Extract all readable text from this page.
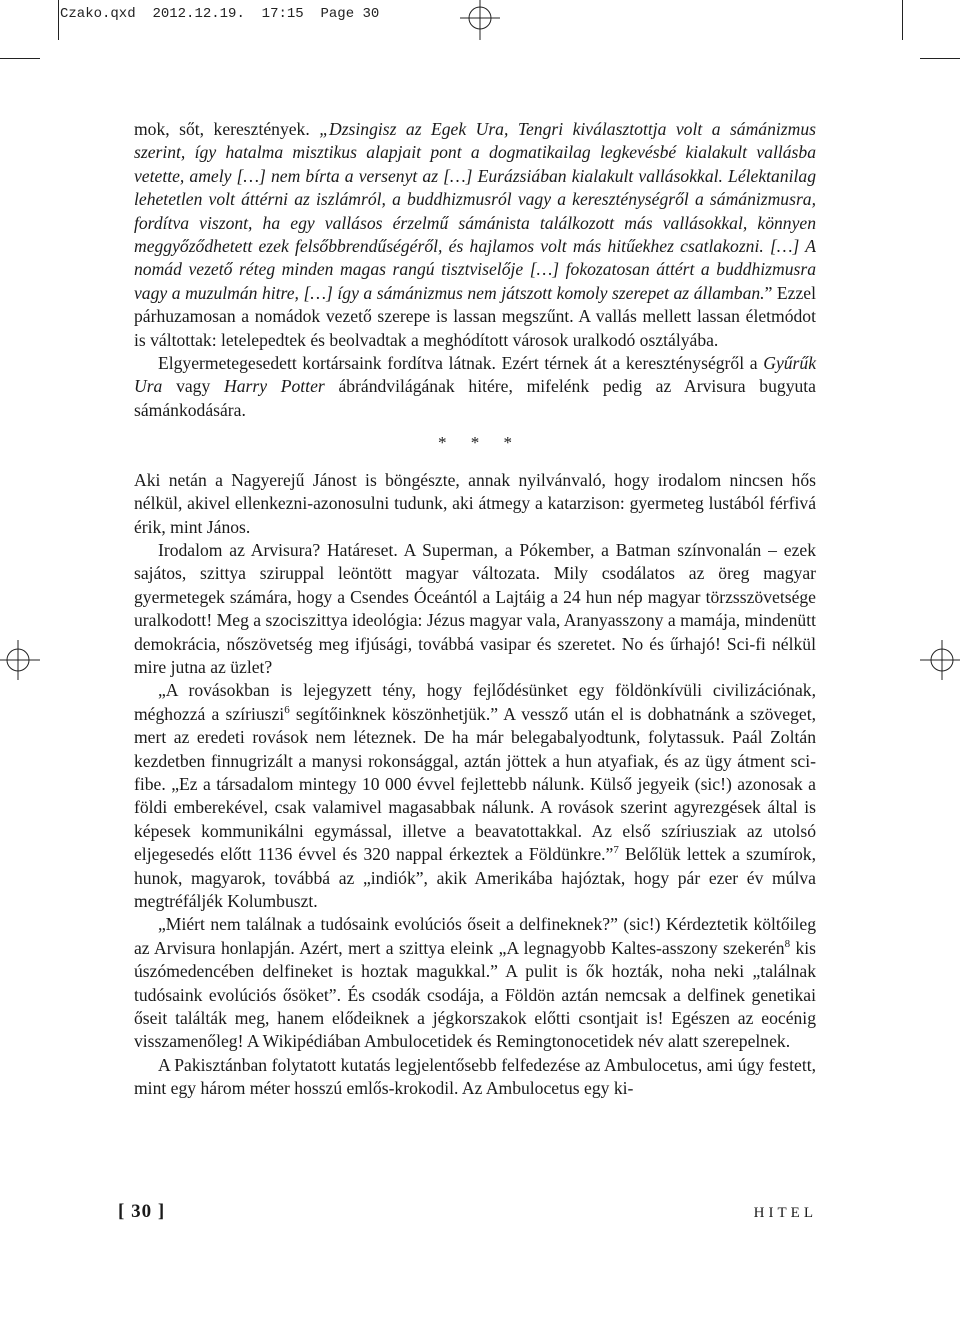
Czako.qxd 2012.12.19. 17:15 Page 30

mok, sőt, keresztények. „Dzsingisz az Egek Ura, Tengri kiválasztottja volt a sámánizmus szerint, így hatalma misztikus alapjait pont a dogmatikailag legkevésbé kialakult vallásba vetette, amely […] nem bírta a versenyt az […] Eurázsiában kialakult vallásokkal. Lélektanilag lehetetlen volt áttérni az iszlámról, a buddhizmusról vagy a kereszténységről a sámánizmusra, fordítva viszont, ha egy vallásos érzelmű sámánista találkozott más vallásokkal, könnyen meggyőződhetett ezek felsőbbrendűségéről, és hajlamos volt más hitűekhez csatlakozni. […] A nomád vezető réteg minden magas rangú tisztviselője […] fokozatosan áttért a buddhizmusra vagy a muzulmán hitre, […] így a sámánizmus nem játszott komoly szerepet az államban.” Ezzel párhuzamosan a nomádok vezető szerepe is lassan megszűnt. A vallás mellett lassan életmódot is váltottak: letelepedtek és beolvadtak a meghódított városok uralkodó osztályába.

Elgyermetegesedett kortársaink fordítva látnak. Ezért térnek át a kereszténységről a Gyűrűk Ura vagy Harry Potter ábrándvilágának hitére, mifelénk pedig az Arvisura bugyuta sámánkodására.

* * *

Aki netán a Nagyerejű Jánost is böngészte, annak nyilvánvaló, hogy irodalom nincsen hős nélkül, akivel ellenkezni-azonosulni tudunk, aki átmegy a katarzison: gyermeteg lustából férfivá érik, mint János.

Irodalom az Arvisura? Határeset. A Superman, a Pókember, a Batman színvonalán – ezek sajátos, szittya sziruppal leöntött magyar változata. Mily csodálatos az öreg magyar gyermetegek számára, hogy a Csendes Óceántól a Lajtáig a 24 hun nép magyar törzsszövetsége uralkodott! Meg a szociszittya ideológia: Jézus magyar vala, Aranyasszony a mamája, mindenütt demokrácia, nőszövetség meg ifjúsági, továbbá vasipar és szeretet. No és űrhajó! Sci-fi nélkül mire jutna az üzlet?

„A rovásokban is lejegyzett tény, hogy fejlődésünket egy földönkívüli civilizációnak, méghozzá a szíriuszi$^6$ segítőinknek köszönhetjük.” A vessző után el is dobhatnánk a szöveget, mert az eredeti rovások nem léteznek. De ha már belegabalyodtunk, folytassuk. Paál Zoltán kezdetben finnugrizált a manysi rokonsággal, aztán jöttek a hun atyafiak, és az ügy átment sci-fibe. „Ez a társadalom mintegy 10 000 évvel fejlettebb nálunk. Külső jegyeik (sic!) azonosak a földi emberekével, csak valamivel magasabbak nálunk. A rovások szerint agyrezgések által is képesek kommunikálni egymással, illetve a beavatottakkal. Az első szíriusziak az utolsó eljegesedés előtt 1136 évvel és 320 nappal érkeztek a Földünkre.”$^7$ Belőlük lettek a szumírok, hunok, magyarok, továbbá az „indiók”, akik Amerikába hajóztak, hogy pár ezer év múlva megtréfáljék Kolumbuszt.

„Miért nem találnak a tudósaink evolúciós őseit a delfineknek?” (sic!) Kérdeztetik költőileg az Arvisura honlapján. Azért, mert a szittya eleink „A legnagyobb Kaltes-asszony szekerén$^8$ kis úszómedencében delfineket is hoztak magukkal.” A pulit is ők hozták, noha neki „találnak tudósaink evolúciós ősöket”. És csodák csodája, a Földön aztán nemcsak a delfinek genetikai őseit találták meg, hanem elődeiknek a jégkorszakok előtti csontjait is! Egészen az eocénig visszamenőleg! A Wikipédiában Ambulocetidek és Remingtonocetidek név alatt szerepelnek.

A Pakisztánban folytatott kutatás legjelentősebb felfedezése az Ambulocetus, ami úgy festett, mint egy három méter hosszú emlős-krokodil. Az Ambulocetus egy ki-

[ 30 ]	HITEL
